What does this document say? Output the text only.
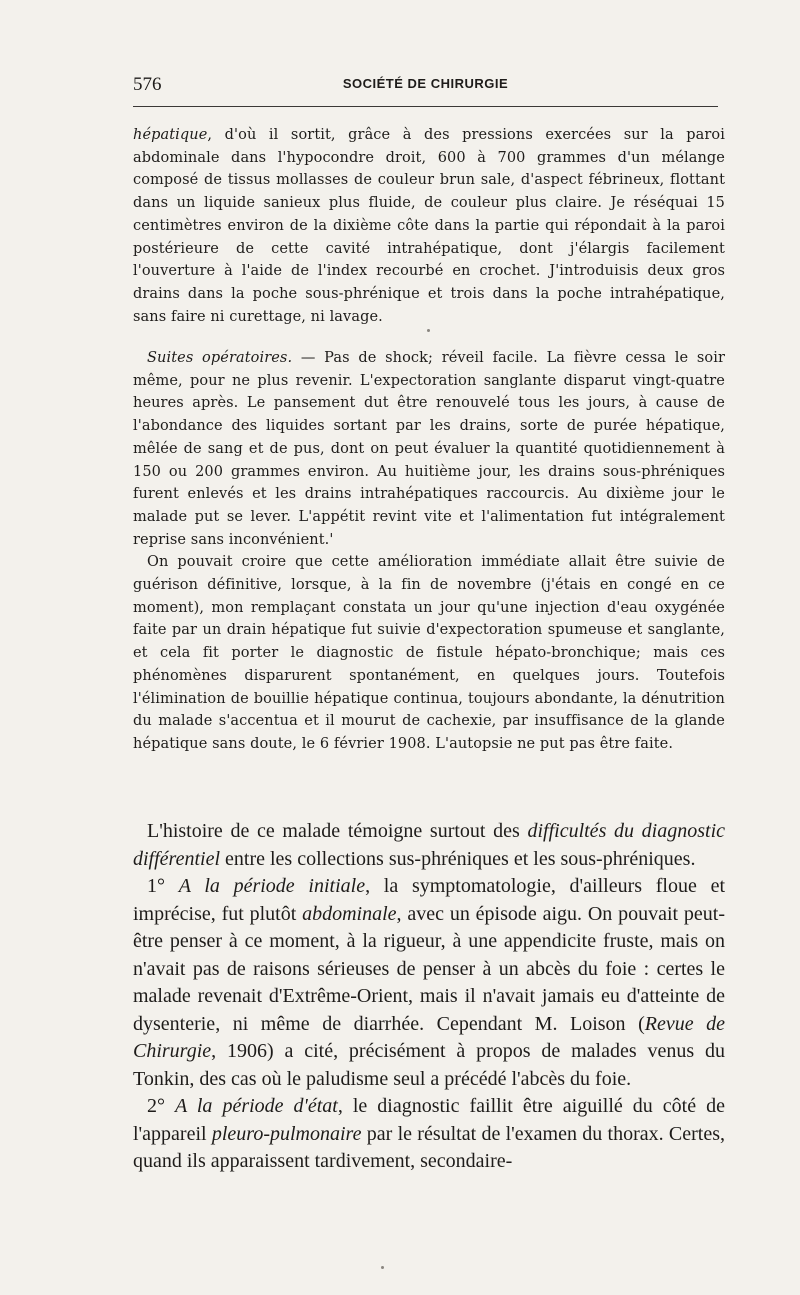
576	SOCIÉTÉ DE CHIRURGIE

hépatique, d'où il sortit, grâce à des pressions exercées sur la paroi abdominale dans l'hypocondre droit, 600 à 700 grammes d'un mélange composé de tissus mollasses de couleur brun sale, d'aspect fébrineux, flottant dans un liquide sanieux plus fluide, de couleur plus claire. Je réséquai 15 centimètres environ de la dixième côte dans la partie qui répondait à la paroi postérieure de cette cavité intrahépatique, dont j'élargis facilement l'ouverture à l'aide de l'index recourbé en crochet. J'introduisis deux gros drains dans la poche sous-phrénique et trois dans la poche intrahépatique, sans faire ni curettage, ni lavage.

Suites opératoires. — Pas de shock; réveil facile. La fièvre cessa le soir même, pour ne plus revenir. L'expectoration sanglante disparut vingt-quatre heures après. Le pansement dut être renouvelé tous les jours, à cause de l'abondance des liquides sortant par les drains, sorte de purée hépatique, mêlée de sang et de pus, dont on peut évaluer la quantité quotidiennement à 150 ou 200 grammes environ. Au huitième jour, les drains sous-phréniques furent enlevés et les drains intrahépatiques raccourcis. Au dixième jour le malade put se lever. L'appétit revint vite et l'alimentation fut intégralement reprise sans inconvénient.'

On pouvait croire que cette amélioration immédiate allait être suivie de guérison définitive, lorsque, à la fin de novembre (j'étais en congé en ce moment), mon remplaçant constata un jour qu'une injection d'eau oxygénée faite par un drain hépatique fut suivie d'expectoration spumeuse et sanglante, et cela fit porter le diagnostic de fistule hépato-bronchique; mais ces phénomènes disparurent spontanément, en quelques jours. Toutefois l'élimination de bouillie hépatique continua, toujours abondante, la dénutrition du malade s'accentua et il mourut de cachexie, par insuffisance de la glande hépatique sans doute, le 6 février 1908. L'autopsie ne put pas être faite.

L'histoire de ce malade témoigne surtout des difficultés du diagnostic différentiel entre les collections sus-phréniques et les sous-phréniques.

1° A la période initiale, la symptomatologie, d'ailleurs floue et imprécise, fut plutôt abdominale, avec un épisode aigu. On pouvait peut-être penser à ce moment, à la rigueur, à une appendicite fruste, mais on n'avait pas de raisons sérieuses de penser à un abcès du foie : certes le malade revenait d'Extrême-Orient, mais il n'avait jamais eu d'atteinte de dysenterie, ni même de diarrhée. Cependant M. Loison (Revue de Chirurgie, 1906) a cité, précisément à propos de malades venus du Tonkin, des cas où le paludisme seul a précédé l'abcès du foie.

2° A la période d'état, le diagnostic faillit être aiguillé du côté de l'appareil pleuro-pulmonaire par le résultat de l'examen du thorax. Certes, quand ils apparaissent tardivement, secondaire-
